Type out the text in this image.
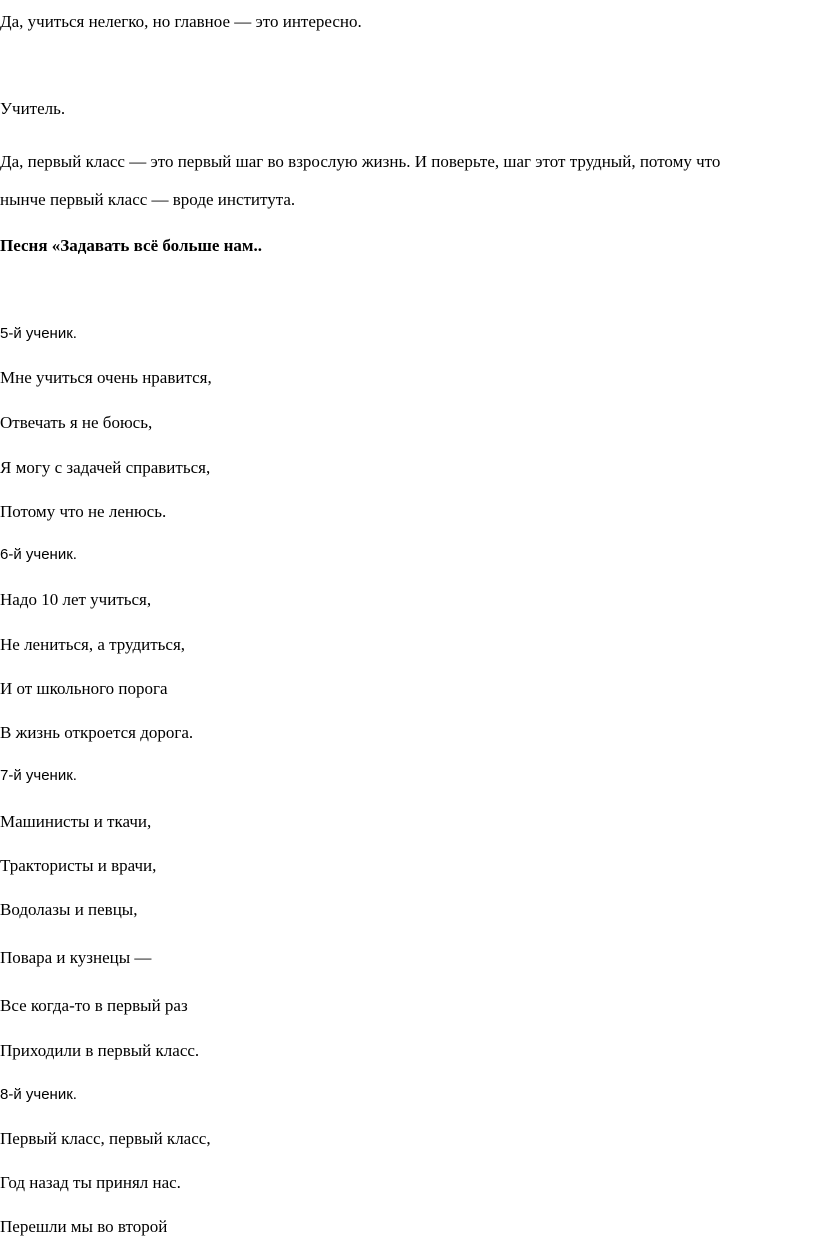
Да, учиться нелегко, но главное — это интересно.
Учитель.
Да, первый класс — это первый шаг во взрослую жизнь. И поверьте, шаг этот трудный, потому что
нынче первый класс — вроде института.
Песня «Задавать всё больше нам..
5-й ученик.
Мне учиться очень нравится,
Отвечать я не боюсь,
Я могу с задачей справиться,
Потому что не ленюсь.
6-й ученик.
Надо 10 лет учиться,
Не лениться, а трудиться,
И от школьного порога
В жизнь откроется дорога.
7-й ученик.
Машинисты и ткачи,
Трактористы и врачи,
Водолазы и певцы,
Повара и кузнецы —
Все когда-то в первый раз
Приходили в первый класс.
8-й ученик.
Первый класс, первый класс,
Год назад ты принял нас.
Перешли мы во второй
